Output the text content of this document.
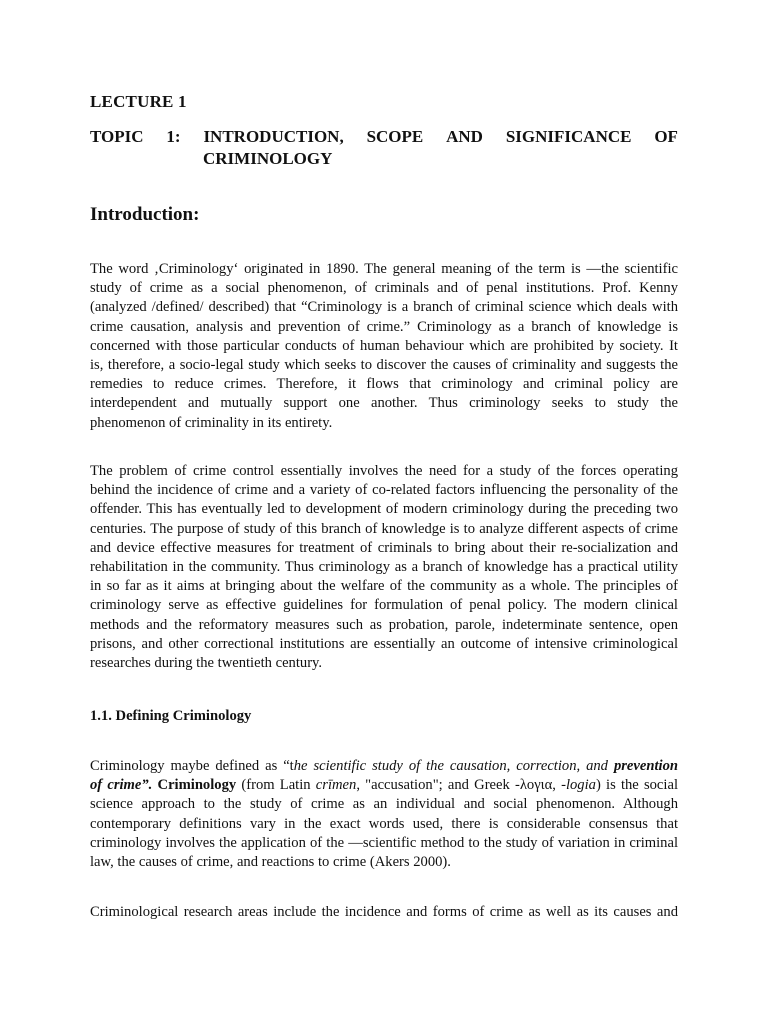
LECTURE 1
TOPIC 1: INTRODUCTION, SCOPE AND SIGNIFICANCE OF
CRIMINOLOGY
Introduction:
The word ‚Criminology‘ originated in 1890. The general meaning of the term is —the scientific
study of crime as a social phenomenon, of criminals and of penal institutions. Prof. Kenny
(analyzed /defined/ described) that “Criminology is a branch of criminal science which deals with
crime causation, analysis and prevention of crime.” Criminology as a branch of knowledge is
concerned with those particular conducts of human behaviour which are prohibited by society. It
is, therefore, a socio-legal study which seeks to discover the causes of criminality and suggests the
remedies to reduce crimes. Therefore, it flows that criminology and criminal policy are
interdependent and mutually support one another. Thus criminology seeks to study the
phenomenon of criminality in its entirety.
The problem of crime control essentially involves the need for a study of the forces operating
behind the incidence of crime and a variety of co-related factors influencing the personality of the
offender. This has eventually led to development of modern criminology during the preceding two
centuries. The purpose of study of this branch of knowledge is to analyze different aspects of crime
and device effective measures for treatment of criminals to bring about their re-socialization and
rehabilitation in the community. Thus criminology as a branch of knowledge has a practical utility
in so far as it aims at bringing about the welfare of the community as a whole. The principles of
criminology serve as effective guidelines for formulation of penal policy. The modern clinical
methods and the reformatory measures such as probation, parole, indeterminate sentence, open
prisons, and other correctional institutions are essentially an outcome of intensive criminological
researches during the twentieth century.
1.1. Defining Criminology
Criminology maybe defined as “the scientific study of the causation, correction, and prevention
of crime”. Criminology (from Latin crīmen, "accusation"; and Greek -λογια, -logia) is the social
science approach to the study of crime as an individual and social phenomenon. Although
contemporary definitions vary in the exact words used, there is considerable consensus that
criminology involves the application of the —scientific method to the study of variation in criminal
law, the causes of crime, and reactions to crime (Akers 2000).
Criminological research areas include the incidence and forms of crime as well as its causes and
